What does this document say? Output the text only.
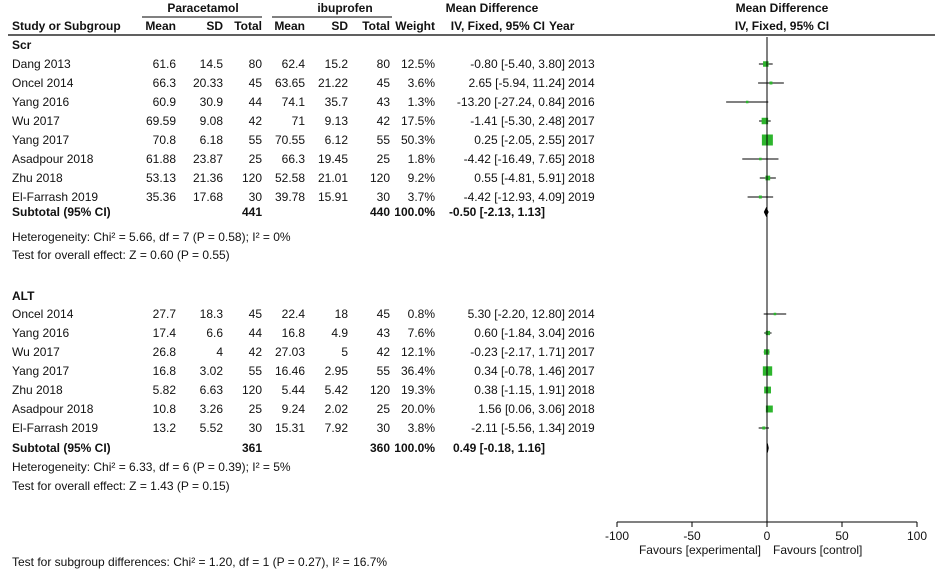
Paracetamol	ibuprofen	Mean Difference	Mean Difference
Study or Subgroup Mean	SD Total Mean SD Total Weight IV, Fixed, 95% CI Year	IV, Fixed, 95% CI
Scr
Dang 2013	61.6 14.5 80 62.4 15.2 80 12.5%	-0.80 [-5.40, 3.80] 2013
Oncel 2014	66.3 20.33 45 63.65 21.22 45 3.6%	2.65 [-5.94, 11.24] 2014
Yang 2016	60.9 30.9 44 74.1 35.7 43 1.3% -13.20 [-27.24, 0.84] 2016
Wu 2017	69.59 9.08 42 71 9.13 42 17.5%	-1.41 [-5.30, 2.48] 2017
Yang 2017	70.8 6.18 55 70.55 6.12 55 50.3%	0.25 [-2.05, 2.55] 2017
Asadpour 2018	61.88 23.87 25 66.3 19.45 25 1.8% -4.42 [-16.49, 7.65] 2018
Zhu 2018	53.13 21.36 120 52.58 21.01 120 9.2%	0.55 [-4.81, 5.91] 2018
El-Farrash 2019	35.36 17.68 30 39.78 15.91 30 3.7% -4.42 [-12.93, 4.09] 2019
Subtotal (95% CI)	441	440 100.0% -0.50 [-2.13, 1.13]
Heterogeneity: Chi² = 5.66, df = 7 (P = 0.58); I² = 0%
Test for overall effect: Z = 0.60 (P = 0.55)
ALT
Oncel 2014	27.7 18.3 45 22.4 18 45 0.8%	5.30 [-2.20, 12.80] 2014
Yang 2016	17.4	6.6 44 16.8 4.9 43 7.6%	0.60 [-1.84, 3.04] 2016
Wu 2017	26.8	4 42 27.03	5 42 12.1%	-0.23 [-2.17, 1.71] 2017
Yang 2017	16.8 3.02 55 16.46 2.95 55 36.4%	0.34 [-0.78, 1.46] 2017
Zhu 2018	5.82 6.63 120 5.44 5.42 120 19.3%	0.38 [-1.15, 1.91] 2018
Asadpour 2018	10.8 3.26 25 9.24 2.02 25 20.0%	1.56 [0.06, 3.06] 2018
El-Farrash 2019	13.2 5.52 30 15.31 7.92 30 3.8%	-2.11 [-5.56, 1.34] 2019
Subtotal (95% CI)	361	360 100.0% 0.49 [-0.18, 1.16]
Heterogeneity: Chi² = 6.33, df = 6 (P = 0.39); I² = 5%
Test for overall effect: Z = 1.43 (P = 0.15)
Test for subgroup differences: Chi² = 1.20, df = 1 (P = 0.27), I² = 16.7%
-100	-50	0	50	100
Favours [experimental] Favours [control]
